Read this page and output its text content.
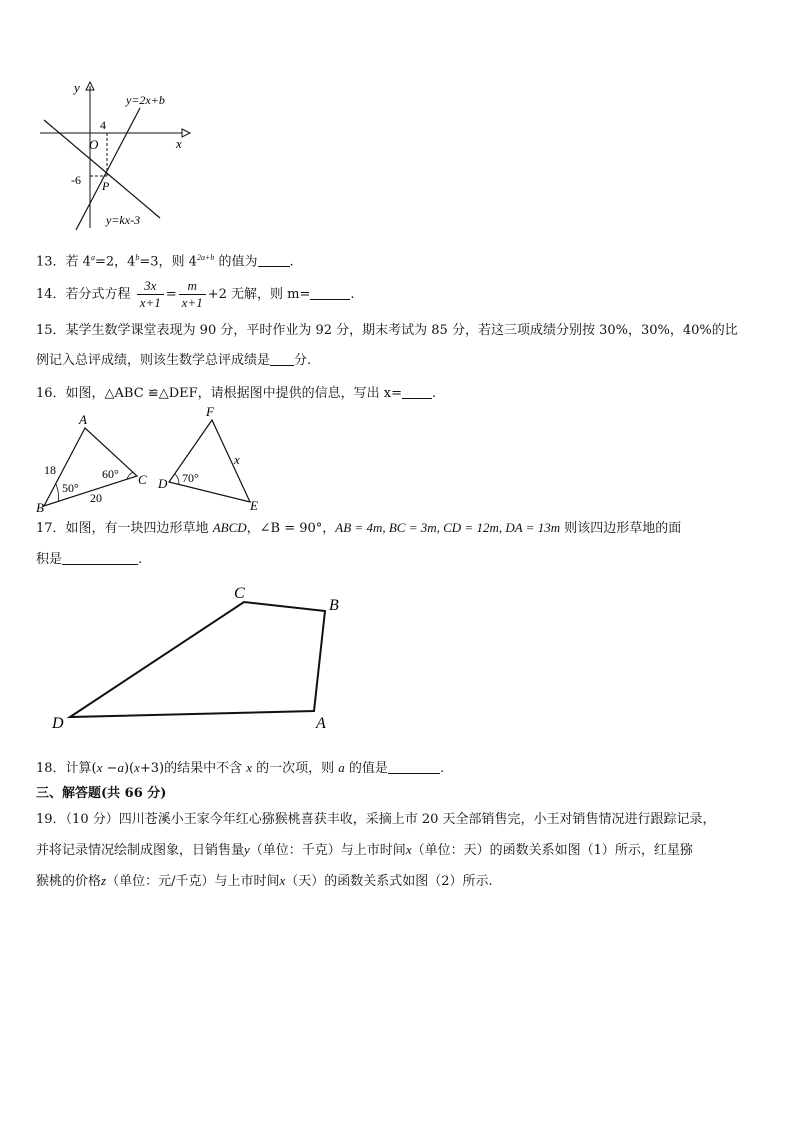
y
x
O
4
-6 P
y=2x+b
y=kx-3
13．若 $4^a=2$，$4^b=3$，则 $4^{2a+b}$ 的值为 .
14．若分式方程 $\frac{3x}{x+1} = \frac{m}{x+1} +2$ 无解，则 m=	.
15．某学生数学课堂表现为 90 分，平时作业为 92 分，期末考试为 85 分，若这三项成绩分别按 30%，30%，40%的比
例记入总评成绩，则该生数学总评成绩是 分.
16．如图，△ABC ≌△DEF，请根据图中提供的信息，写出 x= .
A
B
C D
E
F
18
20
50°
60°	70°
x
17．如图，有一块四边形草地 ABCD，∠B = 90°，AB = 4m, BC = 3m, CD = 12m, DA = 13m 则该四边形草地的面
积是	.
C
B
D	A
18．计算(x −a)(x+3)的结果中不含 x 的一次项，则 a 的值是	.
三、解答题(共 66 分)
19．（10 分）四川苍溪小王家今年红心猕猴桃喜获丰收，采摘上市 20 天全部销售完，小王对销售情况进行跟踪记录，
并将记录情况绘制成图象，日销售量y（单位：千克）与上市时间x（单位：天）的函数关系如图（1）所示，红星猕
猴桃的价格z（单位：元/千克）与上市时间x（天）的函数关系式如图（2）所示.
